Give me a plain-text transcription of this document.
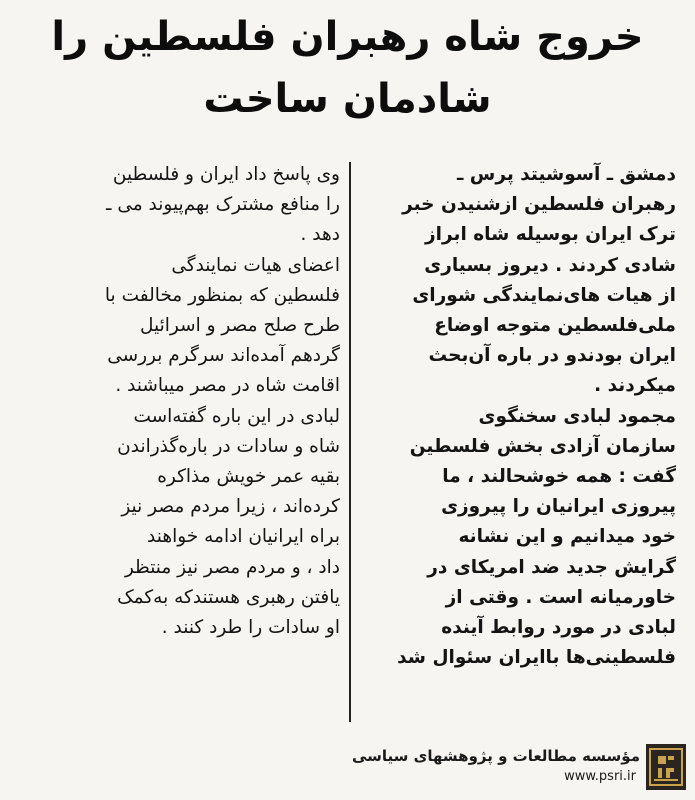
خروج شاه رهبران فلسطین را
شادمان ساخت
دمشق ـ آسوشیتد پرس ـ
رهبران فلسطین ازشنیدن خبر
ترک ایران بوسیله شاه ابراز
شادی کردند . دیروز بسیاری
از هیات های‌نمایندگی شورای
ملی‌فلسطین متوجه اوضاع
ایران بودندو در باره آن‌بحث
میکردند .
مجمود لبادی سخنگوی
سازمان آزادی بخش فلسطین
گفت : همه خوشحالند ، ما
پیروزی ایرانیان را پیروزی
خود میدانیم و این نشانه
گرایش جدید ضد امریکای در
خاورمیانه است . وقتی از
لبادی در مورد روابط آینده
فلسطینی‌ها باایران سئوال شد
وی پاسخ داد ایران و فلسطین
را منافع مشترک بهم‌پیوند می ـ
دهد .
اعضای هیات نمایندگی
فلسطین که بمنظور مخالفت با
طرح صلح مصر و اسرائیل
گردهم آمده‌اند سرگرم بررسی
اقامت شاه در مصر میباشند .
لبادی در این باره گفته‌است
شاه و سادات در باره‌گذراندن
بقیه عمر خویش مذاکره
کرده‌اند ، زیرا مردم مصر نیز
براه ایرانیان ادامه خواهند
داد ، و مردم مصر نیز منتظر
یافتن رهبری هستندکه به‌کمک
او سادات را طرد کنند .
مؤسسه مطالعات و پژوهشهای سیاسی
www.psri.ir
